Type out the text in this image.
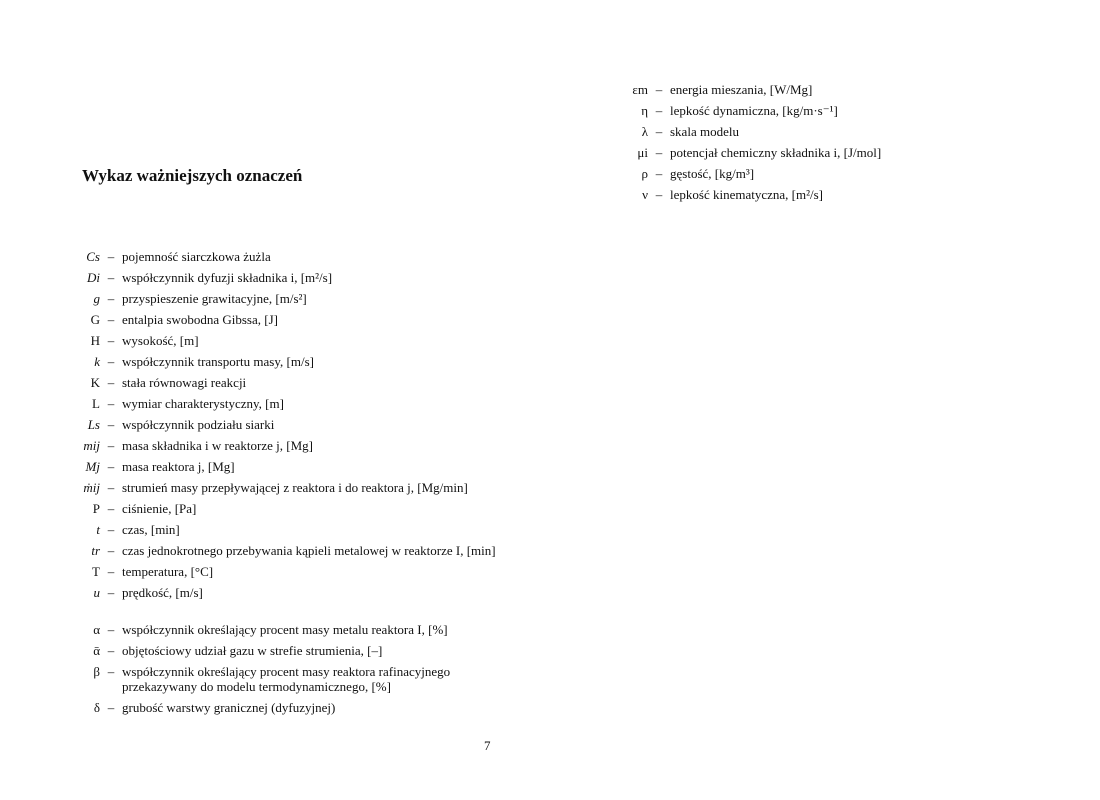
Wykaz ważniejszych oznaczeń
εm – energia mieszania, [W/Mg]
η – lepkość dynamiczna, [kg/m·s⁻¹]
λ – skala modelu
μi – potencjał chemiczny składnika i, [J/mol]
ρ – gęstość, [kg/m³]
ν – lepkość kinematyczna, [m²/s]
Cs – pojemność siarczkowa żużla
Di – współczynnik dyfuzji składnika i, [m²/s]
g – przyspieszenie grawitacyjne, [m/s²]
G – entalpia swobodna Gibssa, [J]
H – wysokość, [m]
k – współczynnik transportu masy, [m/s]
K – stała równowagi reakcji
L – wymiar charakterystyczny, [m]
Ls – współczynnik podziału siarki
mij – masa składnika i w reaktorze j, [Mg]
Mj – masa reaktora j, [Mg]
ṁij – strumień masy przepływającej z reaktora i do reaktora j, [Mg/min]
P – ciśnienie, [Pa]
t – czas, [min]
tr – czas jednokrotnego przebywania kąpieli metalowej w reaktorze I, [min]
T – temperatura, [°C]
u – prędkość, [m/s]
α – współczynnik określający procent masy metalu reaktora I, [%]
ᾱ – objętościowy udział gazu w strefie strumienia, [–]
β – współczynnik określający procent masy reaktora rafinacyjnego przekazywany do modelu termodynamicznego, [%]
δ – grubość warstwy granicznej (dyfuzyjnej)
7
